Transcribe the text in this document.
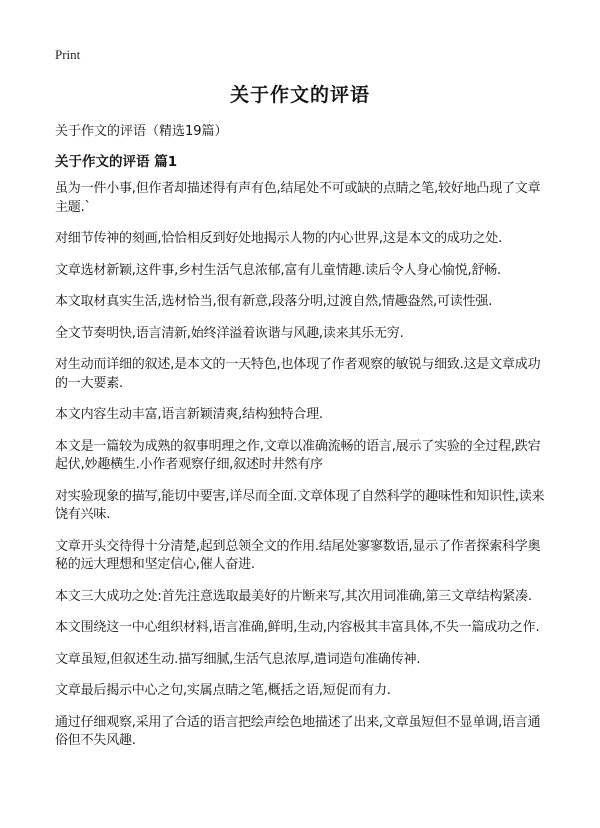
Print
关于作文的评语
关于作文的评语（精选19篇）
关于作文的评语 篇1

虽为一件小事,但作者却描述得有声有色,结尾处不可或缺的点睛之笔,较好地凸现了文章主题.`

对细节传神的刻画,恰恰相反到好处地揭示人物的内心世界,这是本文的成功之处.

文章选材新颖,这件事,乡村生活气息浓郁,富有儿童情趣.读后令人身心愉悦,舒畅.

本文取材真实生活,选材恰当,很有新意,段落分明,过渡自然,情趣盎然,可读性强.

全文节奏明快,语言清新,始终洋溢着诙谐与风趣,读来其乐无穷.

对生动而详细的叙述,是本文的一天特色,也体现了作者观察的敏锐与细致.这是文章成功的一大要素.

本文内容生动丰富,语言新颖清爽,结构独特合理.

本文是一篇较为成熟的叙事明理之作,文章以准确流畅的语言,展示了实验的全过程,跌宕起伏,妙趣横生.小作者观察仔细,叙述时井然有序

对实验现象的描写,能切中要害,详尽而全面.文章体现了自然科学的趣味性和知识性,读来饶有兴味.

文章开头交待得十分清楚,起到总领全文的作用.结尾处寥寥数语,显示了作者探索科学奥秘的远大理想和坚定信心,催人奋进.

本文三大成功之处:首先注意选取最美好的片断来写,其次用词准确,第三文章结构紧凑.

本文围绕这一中心组织材料,语言准确,鲜明,生动,内容极其丰富具体,不失一篇成功之作.

文章虽短,但叙述生动.描写细腻,生活气息浓厚,遣词造句准确传神.

文章最后揭示中心之句,实属点睛之笔,概括之语,短促而有力.

通过仔细观察,采用了合适的语言把绘声绘色地描述了出来,文章虽短但不显单调,语言通俗但不失风趣.
